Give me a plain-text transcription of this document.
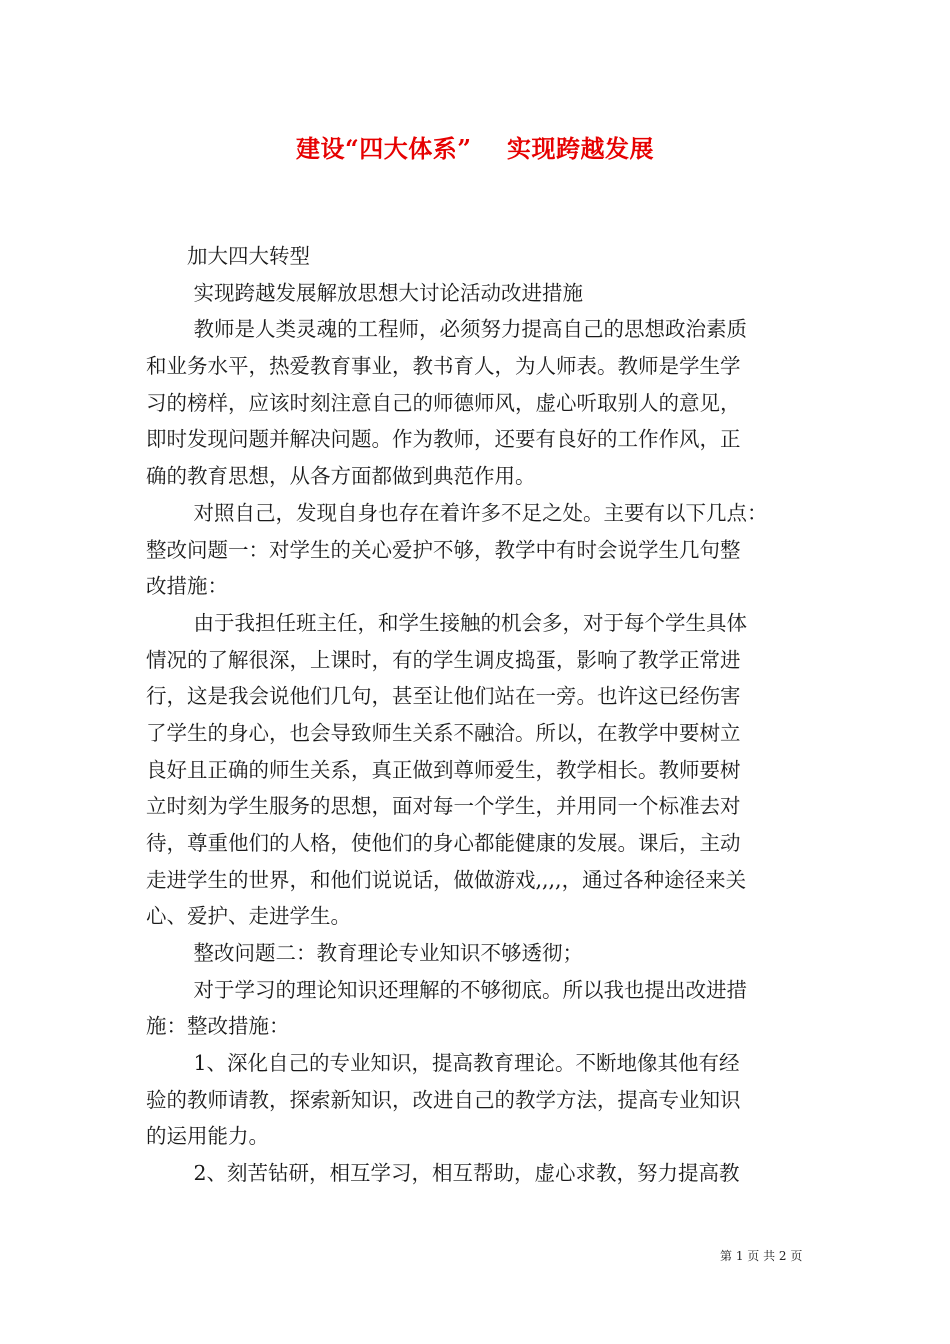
建设“四大体系”    实现跨越发展
　　加大四大转型
　　 实现跨越发展解放思想大讨论活动改进措施
　　 教师是人类灵魂的工程师，必须努力提高自己的思想政治素质
和业务水平，热爱教育事业，教书育人，为人师表。教师是学生学
习的榜样，应该时刻注意自己的师德师风，虚心听取别人的意见，
即时发现问题并解决问题。作为教师，还要有良好的工作作风，正
确的教育思想，从各方面都做到典范作用。
　　 对照自己，发现自身也存在着许多不足之处。主要有以下几点：
整改问题一：对学生的关心爱护不够，教学中有时会说学生几句整
改措施：
　　 由于我担任班主任，和学生接触的机会多，对于每个学生具体
情况的了解很深，上课时，有的学生调皮捣蛋，影响了教学正常进
行，这是我会说他们几句，甚至让他们站在一旁。也许这已经伤害
了学生的身心，也会导致师生关系不融洽。所以，在教学中要树立
良好且正确的师生关系，真正做到尊师爱生，教学相长。教师要树
立时刻为学生服务的思想，面对每一个学生，并用同一个标准去对
待，尊重他们的人格，使他们的身心都能健康的发展。课后，主动
走进学生的世界，和他们说说话，做做游戏,,,,，通过各种途径来关
心、爱护、走进学生。
　　 整改问题二：教育理论专业知识不够透彻；
　　 对于学习的理论知识还理解的不够彻底。所以我也提出改进措
施：整改措施：
　　 1、深化自己的专业知识，提高教育理论。不断地像其他有经
验的教师请教，探索新知识，改进自己的教学方法，提高专业知识
的运用能力。
　　 2、刻苦钻研，相互学习，相互帮助，虚心求教，努力提高教
第 1 页 共 2 页
